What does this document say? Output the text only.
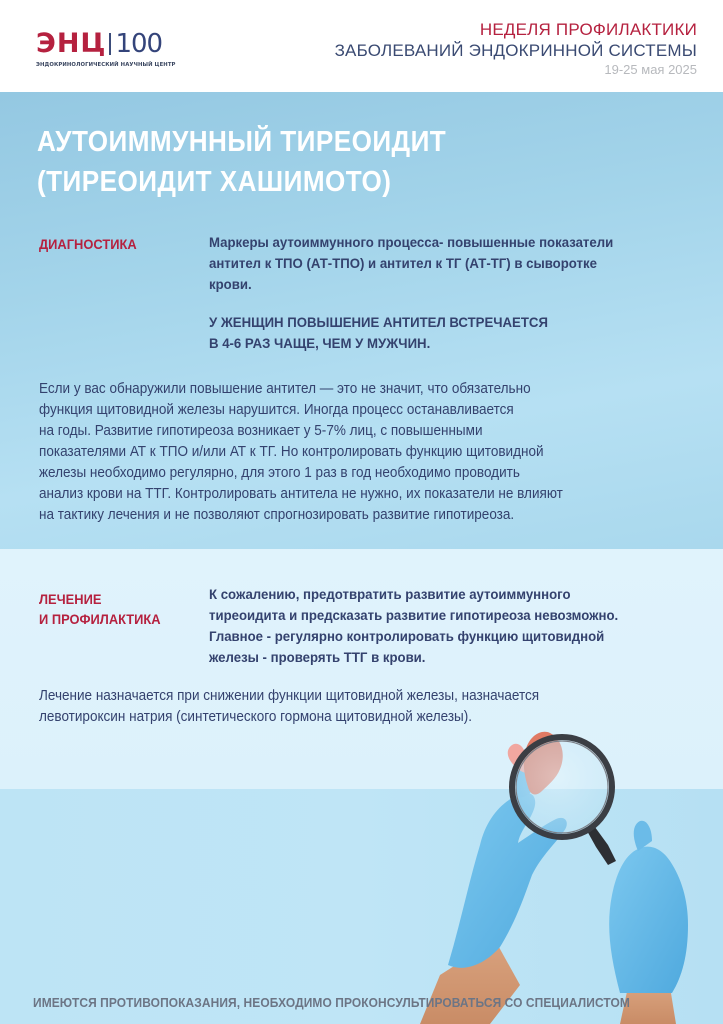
ЭНЦ 100
ЭНДОКРИНОЛОГИЧЕСКИЙ НАУЧНЫЙ ЦЕНТР
НЕДЕЛЯ ПРОФИЛАКТИКИ
ЗАБОЛЕВАНИЙ ЭНДОКРИННОЙ СИСТЕМЫ
19-25 мая 2025
АУТОИММУННЫЙ ТИРЕОИДИТ
(ТИРЕОИДИТ ХАШИМОТО)
ДИАГНОСТИКА	Маркеры аутоиммунного процесса- повышенные показатели
антител к ТПО (АТ-ТПО) и антител к ТГ (АТ-ТГ) в сыворотке
крови.
У ЖЕНЩИН ПОВЫШЕНИЕ АНТИТЕЛ ВСТРЕЧАЕТСЯ
В 4-6 РАЗ ЧАЩЕ, ЧЕМ У МУЖЧИН.
Если у вас обнаружили повышение антител — это не значит, что обязательно
функция щитовидной железы нарушится. Иногда процесс останавливается
на годы. Развитие гипотиреоза возникает у 5-7% лиц, с повышенными
показателями АТ к ТПО и/или АТ к ТГ. Но контролировать функцию щитовидной
железы необходимо регулярно, для этого 1 раз в год необходимо проводить
анализ крови на ТТГ. Контролировать антитела не нужно, их показатели не влияют
на тактику лечения и не позволяют спрогнозировать развитие гипотиреоза.
ЛЕЧЕНИЕ
И ПРОФИЛАКТИКА
К сожалению, предотвратить развитие аутоиммунного
тиреоидита и предсказать развитие гипотиреоза невозможно.
Главное - регулярно контролировать функцию щитовидной
железы - проверять ТТГ в крови.
Лечение назначается при снижении функции щитовидной железы, назначается
левотироксин натрия (синтетического гормона щитовидной железы).
ИМЕЮТСЯ ПРОТИВОПОКАЗАНИЯ, НЕОБХОДИМО ПРОКОНСУЛЬТИРОВАТЬСЯ СО СПЕЦИАЛИСТОМ
